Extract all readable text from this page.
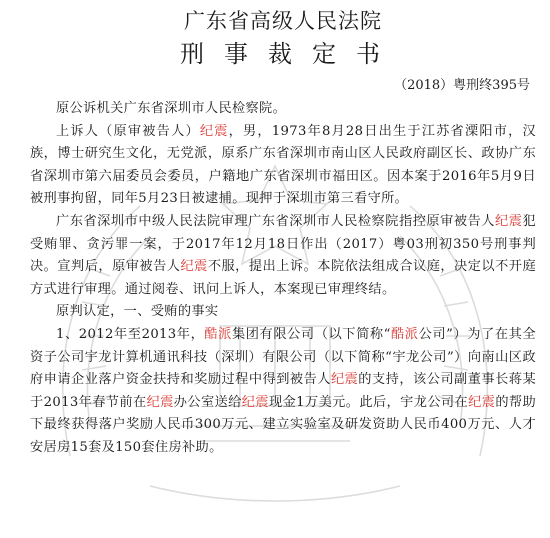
广东省高级人民法院
刑事裁定书
（2018）粤刑终395号

原公诉机关广东省深圳市人民检察院。

上诉人（原审被告人）纪震，男，1973年8月28日出生于江苏省溧阳市，汉族，博士研究生文化，无党派，原系广东省深圳市南山区人民政府副区长、政协广东省深圳市第六届委员会委员，户籍地广东省深圳市福田区。因本案于2016年5月9日被刑事拘留，同年5月23日被逮捕。现押于深圳市第三看守所。

广东省深圳市中级人民法院审理广东省深圳市人民检察院指控原审被告人纪震犯受贿罪、贪污罪一案，于2017年12月18日作出（2017）粤03刑初350号刑事判决。宣判后，原审被告人纪震不服，提出上诉。本院依法组成合议庭，决定以不开庭方式进行审理。通过阅卷、讯问上诉人，本案现已审理终结。

原判认定，一、受贿的事实

1、2012年至2013年，酷派集团有限公司（以下简称“酷派公司”）为了在其全资子公司宇龙计算机通讯科技（深圳）有限公司（以下简称“宇龙公司”）向南山区政府申请企业落户资金扶持和奖励过程中得到被告人纪震的支持，该公司副董事长蒋某于2013年春节前在纪震办公室送给纪震现金1万美元。此后，宇龙公司在纪震的帮助下最终获得落户奖励人民币300万元、建立实验室及研发资助人民币400万元、人才安居房15套及150套住房补助。
